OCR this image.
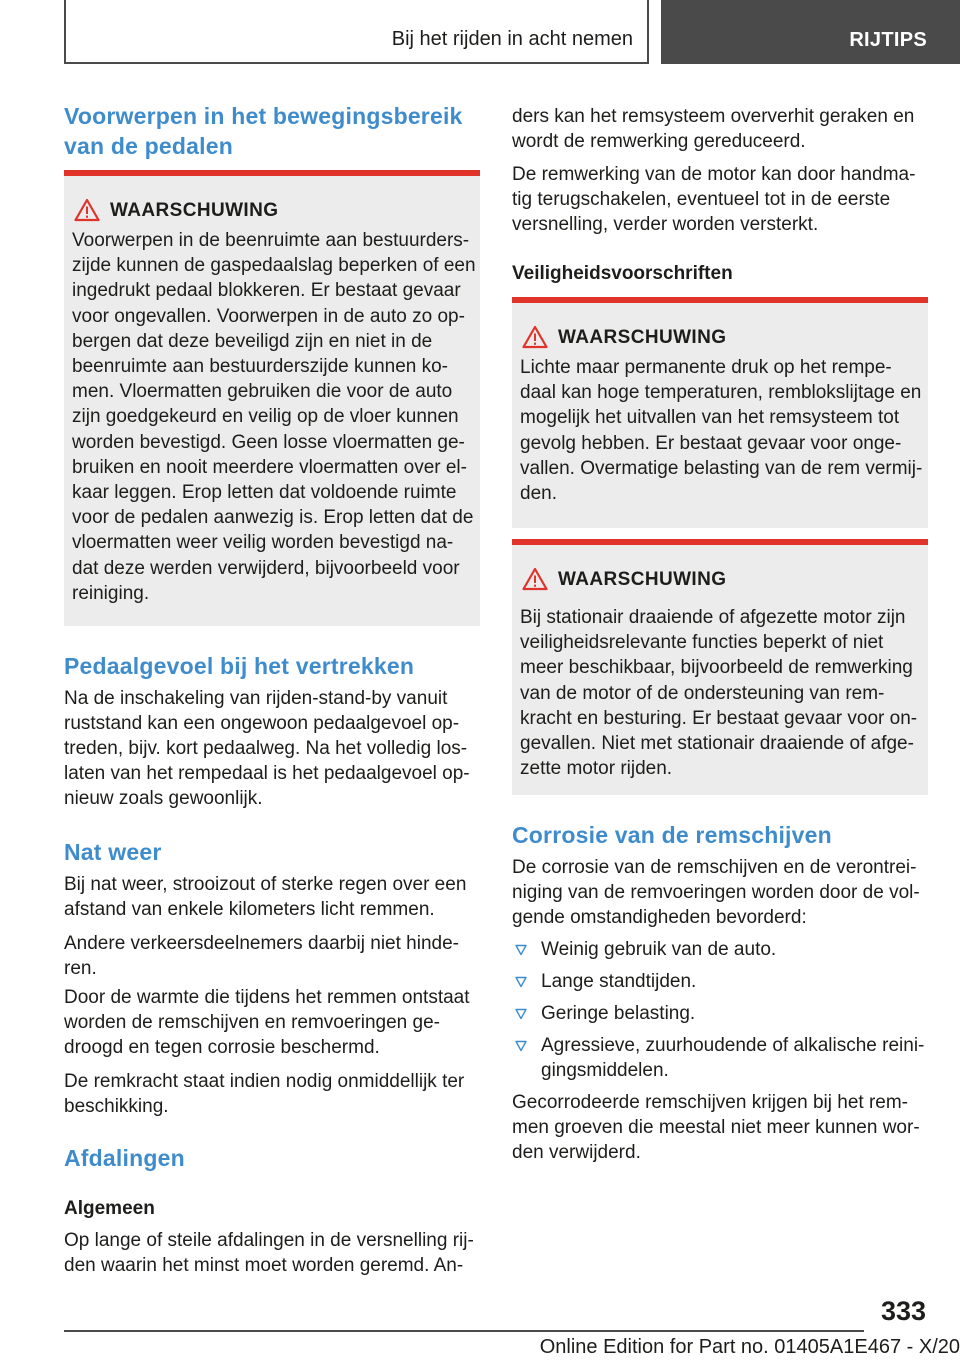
Bij het rijden in acht nemen	RIJTIPS
Voorwerpen in het bewegingsbereik
van de pedalen
WAARSCHUWING
Voorwerpen in de beenruimte aan bestuurders-
zijde kunnen de gaspedaalslag beperken of een
ingedrukt pedaal blokkeren. Er bestaat gevaar
voor ongevallen. Voorwerpen in de auto zo op-
bergen dat deze beveiligd zijn en niet in de
beenruimte aan bestuurderszijde kunnen ko-
men. Vloermatten gebruiken die voor de auto
zijn goedgekeurd en veilig op de vloer kunnen
worden bevestigd. Geen losse vloermatten ge-
bruiken en nooit meerdere vloermatten over el-
kaar leggen. Erop letten dat voldoende ruimte
voor de pedalen aanwezig is. Erop letten dat de
vloermatten weer veilig worden bevestigd na-
dat deze werden verwijderd, bijvoorbeeld voor
reiniging.
Pedaalgevoel bij het vertrekken
Na de inschakeling van rijden-stand-by vanuit
ruststand kan een ongewoon pedaalgevoel op-
treden, bijv. kort pedaalweg. Na het volledig los-
laten van het rempedaal is het pedaalgevoel op-
nieuw zoals gewoonlijk.
Nat weer
Bij nat weer, strooizout of sterke regen over een
afstand van enkele kilometers licht remmen.
Andere verkeersdeelnemers daarbij niet hinde-
ren.
Door de warmte die tijdens het remmen ontstaat
worden de remschijven en remvoeringen ge-
droogd en tegen corrosie beschermd.
De remkracht staat indien nodig onmiddellijk ter
beschikking.
Afdalingen
Algemeen
Op lange of steile afdalingen in de versnelling rij-
den waarin het minst moet worden geremd. An-
ders kan het remsysteem oververhit geraken en
wordt de remwerking gereduceerd.
De remwerking van de motor kan door handma-
tig terugschakelen, eventueel tot in de eerste
versnelling, verder worden versterkt.
Veiligheidsvoorschriften
WAARSCHUWING
Lichte maar permanente druk op het rempe-
daal kan hoge temperaturen, remblokslijtage en
mogelijk het uitvallen van het remsysteem tot
gevolg hebben. Er bestaat gevaar voor onge-
vallen. Overmatige belasting van de rem vermij-
den.
WAARSCHUWING
Bij stationair draaiende of afgezette motor zijn
veiligheidsrelevante functies beperkt of niet
meer beschikbaar, bijvoorbeeld de remwerking
van de motor of de ondersteuning van rem-
kracht en besturing. Er bestaat gevaar voor on-
gevallen. Niet met stationair draaiende of afge-
zette motor rijden.
Corrosie van de remschijven
De corrosie van de remschijven en de verontrei-
niging van de remvoeringen worden door de vol-
gende omstandigheden bevorderd:
Weinig gebruik van de auto.
Lange standtijden.
Geringe belasting.
Agressieve, zuurhoudende of alkalische reini-
gingsmiddelen.
Gecorrodeerde remschijven krijgen bij het rem-
men groeven die meestal niet meer kunnen wor-
den verwijderd.
333
Online Edition for Part no. 01405A1E467 - X/20
